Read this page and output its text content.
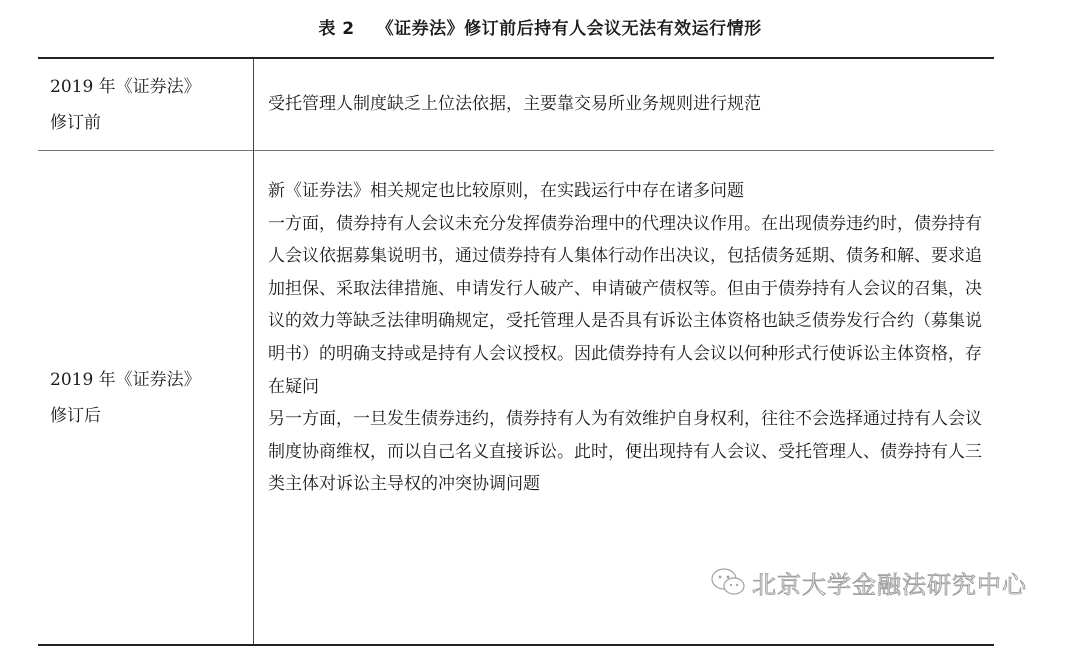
表 2 《证券法》修订前后持有人会议无法有效运行情形
2019 年《证券法》
修订前	受托管理人制度缺乏上位法依据，主要靠交易所业务规则进行规范

2019 年《证券法》
修订后	新《证券法》相关规定也比较原则，在实践运行中存在诸多问题
一方面，债券持有人会议未充分发挥债券治理中的代理决议作用。在出现债券违约时，债券持有人会议依据募集说明书，通过债券持有人集体行动作出决议，包括债务延期、债务和解、要求追加担保、采取法律措施、申请发行人破产、申请破产债权等。但由于债券持有人会议的召集，决议的效力等缺乏法律明确规定，受托管理人是否具有诉讼主体资格也缺乏债券发行合约（募集说明书）的明确支持或是持有人会议授权。因此债券持有人会议以何种形式行使诉讼主体资格，存在疑问
另一方面，一旦发生债券违约，债券持有人为有效维护自身权利，往往不会选择通过持有人会议制度协商维权，而以自己名义直接诉讼。此时，便出现持有人会议、受托管理人、债券持有人三类主体对诉讼主导权的冲突协调问题
北京大学金融法研究中心
